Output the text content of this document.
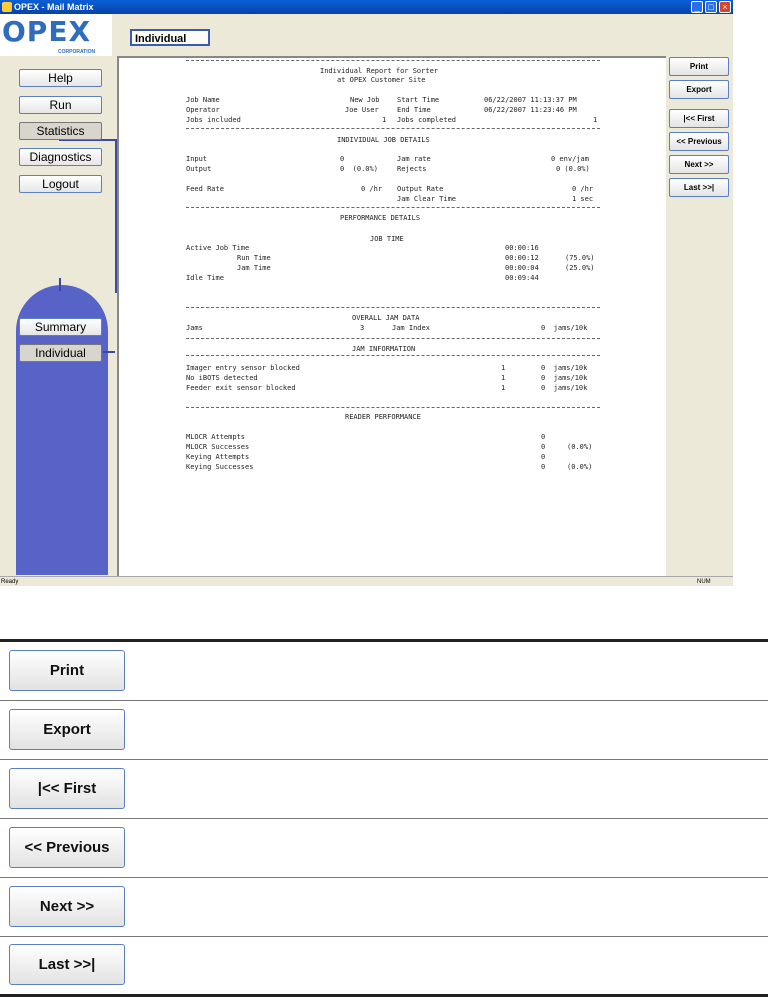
OPEX - Mail Matrix	_ □ ×
OPEX
CORPORATION
Individual
Help
Run
Statistics
Diagnostics
Logout
Summary
Individual
Individual Report for Sorter
at OPEX Customer Site
Job Name	New Job Start Time	06/22/2007 11:13:37 PM
Operator	Joe User	End Time	06/22/2007 11:23:46 PM
Jobs included	1 Jobs completed	1
INDIVIDUAL JOB DETAILS
Input	0	Jam rate	0 env/jam
Output	0  (0.0%)	Rejects	0 (0.0%)
Feed Rate	0 /hr Output Rate	0 /hr
Jam Clear Time	1 sec
PERFORMANCE DETAILS
JOB TIME
Active Job Time	00:00:16
Run Time	00:00:12	(75.0%)
Jam Time	00:00:04	(25.0%)
Idle Time	00:09:44
OVERALL JAM DATA
Jams	3	Jam Index	0  jams/10k
JAM INFORMATION
Imager entry sensor blocked	1	0  jams/10k
No iBOTS detected	1	0  jams/10k
Feeder exit sensor blocked	1	0  jams/10k
READER PERFORMANCE
MLOCR Attempts	0
MLOCR Successes	0	(0.0%)
Keying Attempts	0
Keying Successes	0	(0.0%)
Print
Export
|<< First
<< Previous
Next >>
Last >>|
Ready	NUM
Print
Export
|<< First
<< Previous
Next >>
Last >>|
